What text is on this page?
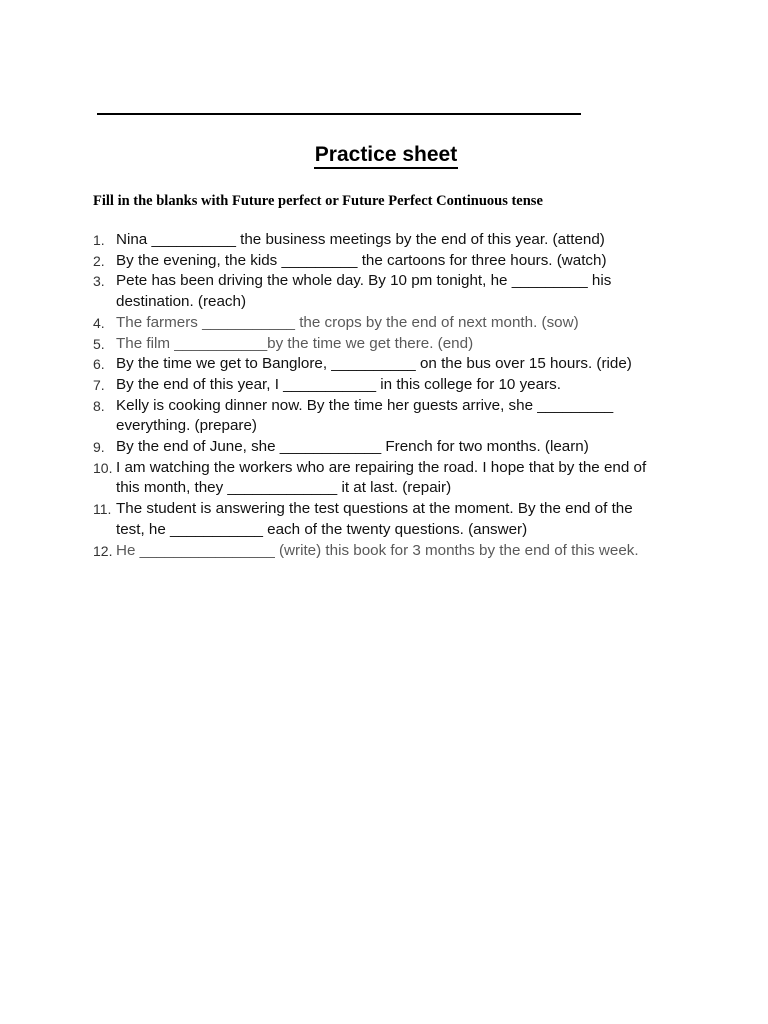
Practice sheet
Fill in the blanks with Future perfect or Future Perfect Continuous tense
1. Nina __________ the business meetings by the end of this year. (attend)
2. By the evening, the kids _________ the cartoons for three hours. (watch)
3. Pete has been driving the whole day. By 10 pm tonight, he _________ his destination. (reach)
4. The farmers ___________ the crops by the end of next month. (sow)
5. The film ___________by the time we get there. (end)
6. By the time we get to Banglore, __________ on the bus over 15 hours. (ride)
7. By the end of this year, I ___________ in this college for 10 years.
8. Kelly is cooking dinner now. By the time her guests arrive, she _________ everything. (prepare)
9. By the end of June, she ____________ French for two months. (learn)
10. I am watching the workers who are repairing the road. I hope that by the end of this month, they _____________ it at last. (repair)
11. The student is answering the test questions at the moment. By the end of the test, he ___________ each of the twenty questions. (answer)
12. He ________________ (write) this book for 3 months by the end of this week.
